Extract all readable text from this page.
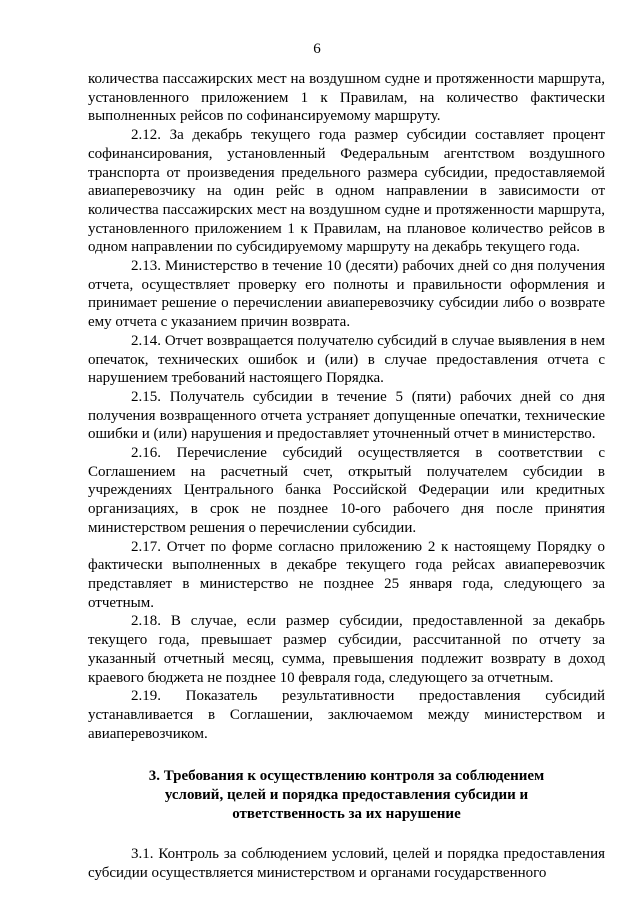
6

количества пассажирских мест на воздушном судне и протяженности маршрута, установленного приложением 1 к Правилам, на количество фактически выполненных рейсов по софинансируемому маршруту.

2.12. За декабрь текущего года размер субсидии составляет процент софинансирования, установленный Федеральным агентством воздушного транспорта от произведения предельного размера субсидии, предоставляемой авиаперевозчику на один рейс в одном направлении в зависимости от количества пассажирских мест на воздушном судне и протяженности маршрута, установленного приложением 1 к Правилам, на плановое количество рейсов в одном направлении по субсидируемому маршруту на декабрь текущего года.

2.13. Министерство в течение 10 (десяти) рабочих дней со дня получения отчета, осуществляет проверку его полноты и правильности оформления и принимает решение о перечислении авиаперевозчику субсидии либо о возврате ему отчета с указанием причин возврата.

2.14. Отчет возвращается получателю субсидий в случае выявления в нем опечаток, технических ошибок и (или) в случае предоставления отчета с нарушением требований настоящего Порядка.

2.15. Получатель субсидии в течение 5 (пяти) рабочих дней со дня получения возвращенного отчета устраняет допущенные опечатки, технические ошибки и (или) нарушения и предоставляет уточненный отчет в министерство.

2.16. Перечисление субсидий осуществляется в соответствии с Соглашением на расчетный счет, открытый получателем субсидии в учреждениях Центрального банка Российской Федерации или кредитных организациях, в срок не позднее 10-ого рабочего дня после принятия министерством решения о перечислении субсидии.

2.17. Отчет по форме согласно приложению 2 к настоящему Порядку о фактически выполненных в декабре текущего года рейсах авиаперевозчик представляет в министерство не позднее 25 января года, следующего за отчетным.

2.18. В случае, если размер субсидии, предоставленной за декабрь текущего года, превышает размер субсидии, рассчитанной по отчету за указанный отчетный месяц, сумма, превышения подлежит возврату в доход краевого бюджета не позднее 10 февраля года, следующего за отчетным.

2.19. Показатель результативности предоставления субсидий устанавливается в Соглашении, заключаемом между министерством и авиаперевозчиком.

3. Требования к осуществлению контроля за соблюдением
условий, целей и порядка предоставления субсидии и
ответственность за их нарушение

3.1. Контроль за соблюдением условий, целей и порядка предоставления субсидии осуществляется министерством и органами государственного
